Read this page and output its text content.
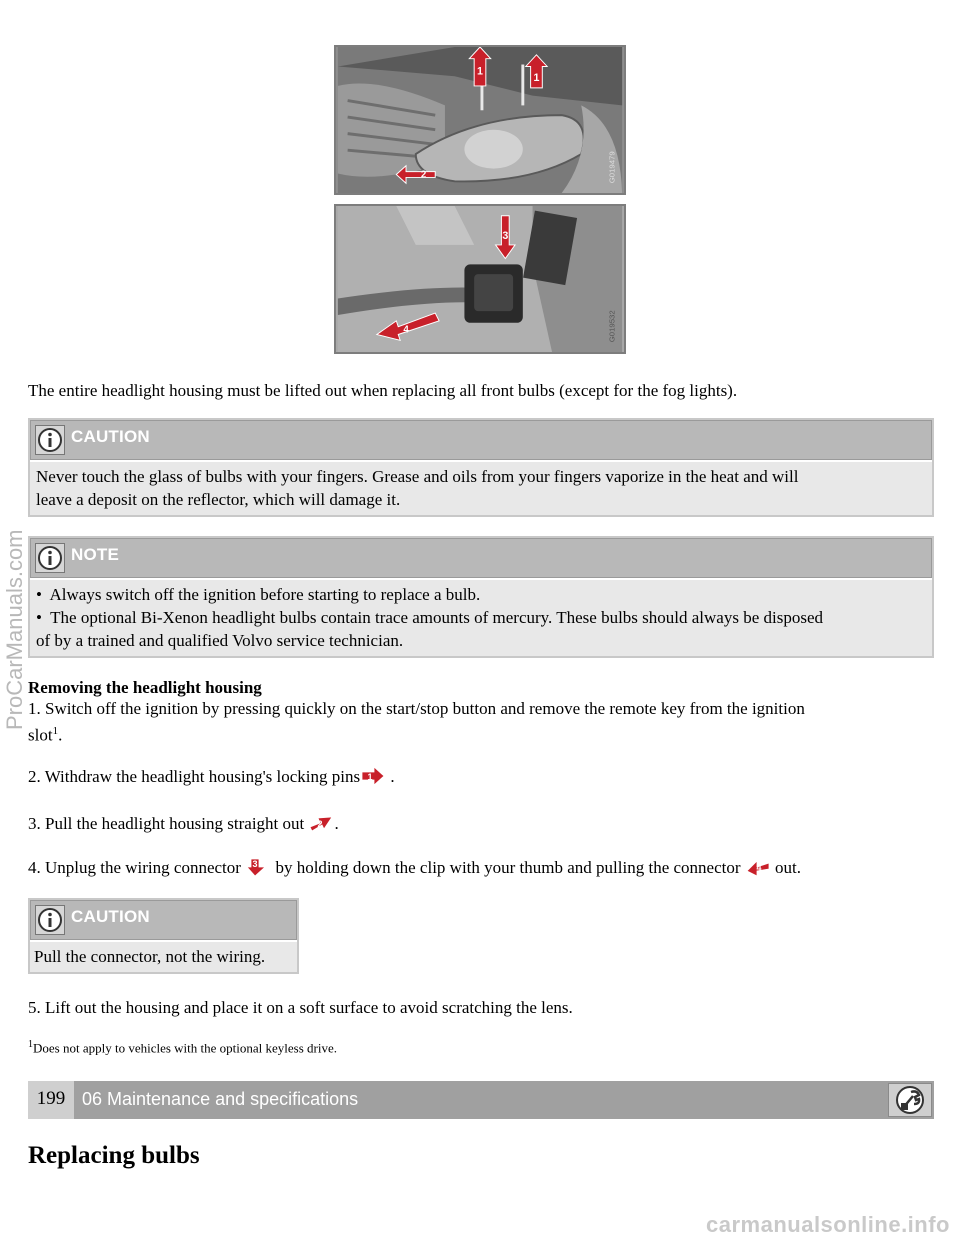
1
1
2	G019479
3
4	G019532
The entire headlight housing must be lifted out when replacing all front bulbs (except for the fog lights).
CAUTION
Never touch the glass of bulbs with your fingers. Grease and oils from your fingers vaporize in the heat and will
leave a deposit on the reflector, which will damage it.
NOTE
•  Always switch off the ignition before starting to replace a bulb.
•  The optional Bi-Xenon headlight bulbs contain trace amounts of mercury. These bulbs should always be disposed
of by a trained and qualified Volvo service technician.
Removing the headlight housing
1. Switch off the ignition by pressing quickly on the start/stop button and remove the remote key from the ignition
slot$^1$.
2. Withdraw the headlight housing's locking pins 1 .
3. Pull the headlight housing straight out 2 .
4. Unplug the wiring connector 3 by holding down the clip with your thumb and pulling the connector 4 out.
CAUTION
Pull the connector, not the wiring.
5. Lift out the housing and place it on a soft surface to avoid scratching the lens.
$^1$Does not apply to vehicles with the optional keyless drive.
199 06 Maintenance and specifications
Replacing bulbs
ProCarManuals.com
carmanualsonline.info
